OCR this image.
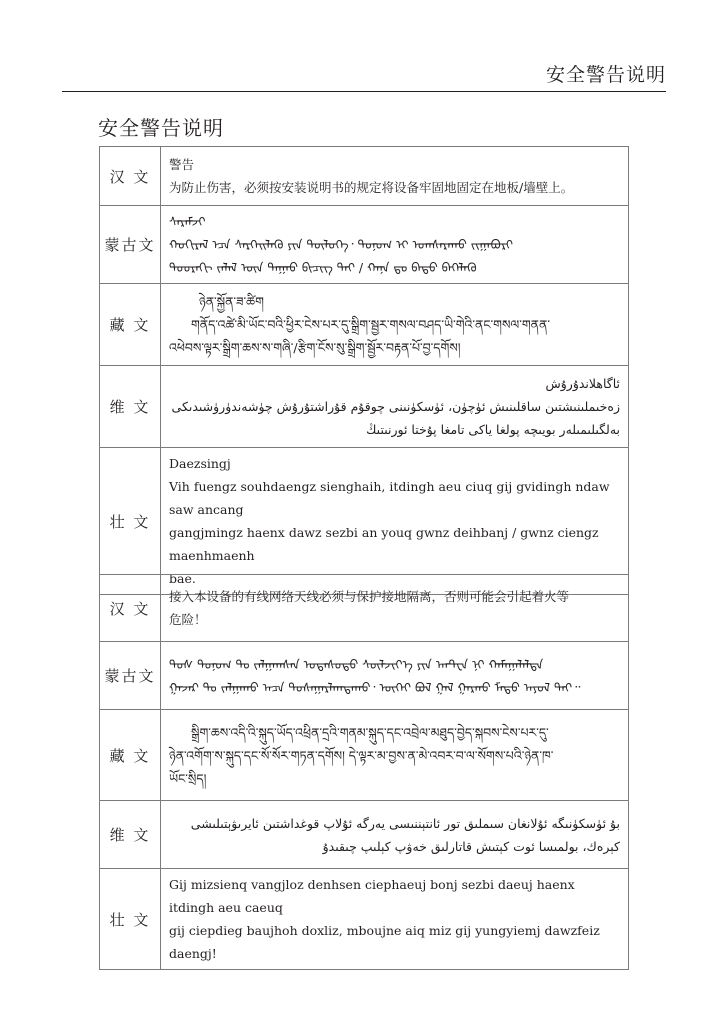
安全警告说明
安全警告说明
汉 文	警告
为防止伤害，必须按安装说明书的规定将设备牢固地固定在地板/墙壁上。

蒙古文	ᠰᠡᠷᠡᠮᠵᠢ
ᠬᠣᠬᠢᠷᠠᠯ ᠡᠴᠡ ᠰᠡᠷᠭᠡᠢᠯᠡᠬᠦ ᠶᠢᠨ ᠲᠥᠯᠦᠭᠡ᠂ ᠲᠣᠨᠣᠭ ᠢ ᠤᠭᠰᠠᠷᠠᠬᠤ ᠵᠢᠭᠠᠪᠤᠷᠢ
ᠳᠣᠣᠷᠠᠬᠢ ᠵᠠᠯᠠᠯ ᠦᠨ ᠳᠠᠭᠠᠤ ᠪᠢᠴᠢᠭ ᠲᠡᠢ / ᠬᠠᠨᠠ ᠳᠤ ᠪᠠᠲᠤ ᠪᠡᠭᠡᠯᠡᠬᠦ

藏 文	ཉེན་སྐྱོན་ཟ་ཚིག
གནོད་འཚེ་མི་ཡོང་བའི་ཕྱིར་ངེས་པར་དུ་སྒྲིག་སྦྱར་གསལ་བཤད་ཡི་གེའི་ནང་གསལ་གནན་
འཕེབས་ལྟར་སྒྲིག་ཆས་ས་གཞི་/རྩིག་ངོས་སུ་སྒྲིག་སྦྱོར་བརྟན་པོ་བྱ་དགོས།

维 文	ئاگاھلاندۇرۇش
زەخىملىنىشتىن ساقلىنىش ئۈچۈن، ئۈسكۈنىنى چوقۇم قۇراشتۇرۇش چۈشەندۈرۈشىدىكى
بەلگىلىمىلەر بويىچە پولغا ياكى تامغا پۇختا ئورنىتىڭ

壮 文	Daezsingj
Vih fuengz souhdaengz sienghaih, itdingh aeu ciuq gij gvidingh ndaw saw ancang
gangjmingz haenx dawz sezbi an youq gwnz deihbanj / gwnz ciengz maenhmaenh
bae.
汉 文	接入本设备的有线网络天线必须与保护接地隔离，否则可能会引起着火等
危险！

蒙古文	ᠲᠤᠰ ᠲᠣᠨᠣᠭ ᠲᠤ ᠵᠠᠯᠭᠠᠭᠰᠠᠨ ᠤᠲᠠᠰᠤᠲᠤ ᠰᠦᠯᠵᠢᠶ᠎ᠡ ᠶᠢᠨ ᠠᠨᠲ᠋ᠧᠨ ᠨᠢ ᠬᠠᠮᠠᠭᠠᠯᠠᠯᠲᠠ
ᠭᠠᠵᠠᠷ ᠲᠤ ᠵᠠᠯᠭᠠᠬᠤ ᠠᠴᠠ ᠲᠤᠰᠠᠭᠠᠷᠯᠠᠭᠳᠠᠬᠤ᠂ ᠦᠭᠡᠢ ᠪᠣᠯ ᠭᠠᠯ ᠭᠠᠷᠬᠤ ᠮᠡᠲᠦ ᠠᠶᠤᠯ ᠲᠠᠢ᠃

藏 文	སྒྲིག་ཆས་འདི་འི་སྐུད་ཡོད་འཕྲིན་དྲའི་གནམ་སྐུད་དང་འབྲེལ་མཐུད་བྱེད་སྐབས་ངེས་པར་དུ་
ཉེན་འགོག་ས་སྐུད་དང་སོ་སོར་གཏན་དགོས། དེ་ལྟར་མ་བྱས་ན་མེ་འབར་བ་ལ་སོགས་པའི་ཉེན་ཁ་
ཡོང་སྲིད།

维 文	بۇ ئۈسكۈنىگە ئۇلانغان سىملىق تور ئانتېننىسى يەرگە ئۇلاپ قوغداشتىن ئايرىۋېتىلىشى
كېرەك، بولمىسا ئوت كېتىش قاتارلىق خەۋپ كېلىپ چىقىدۇ

壮 文	Gij mizsienq vangjloz denhsen ciephaeuj bonj sezbi daeuj haenx itdingh aeu caeuq
gij ciepdieg baujhoh doxliz, mboujne aiq miz gij yungyiemj dawzfeiz daengj!
